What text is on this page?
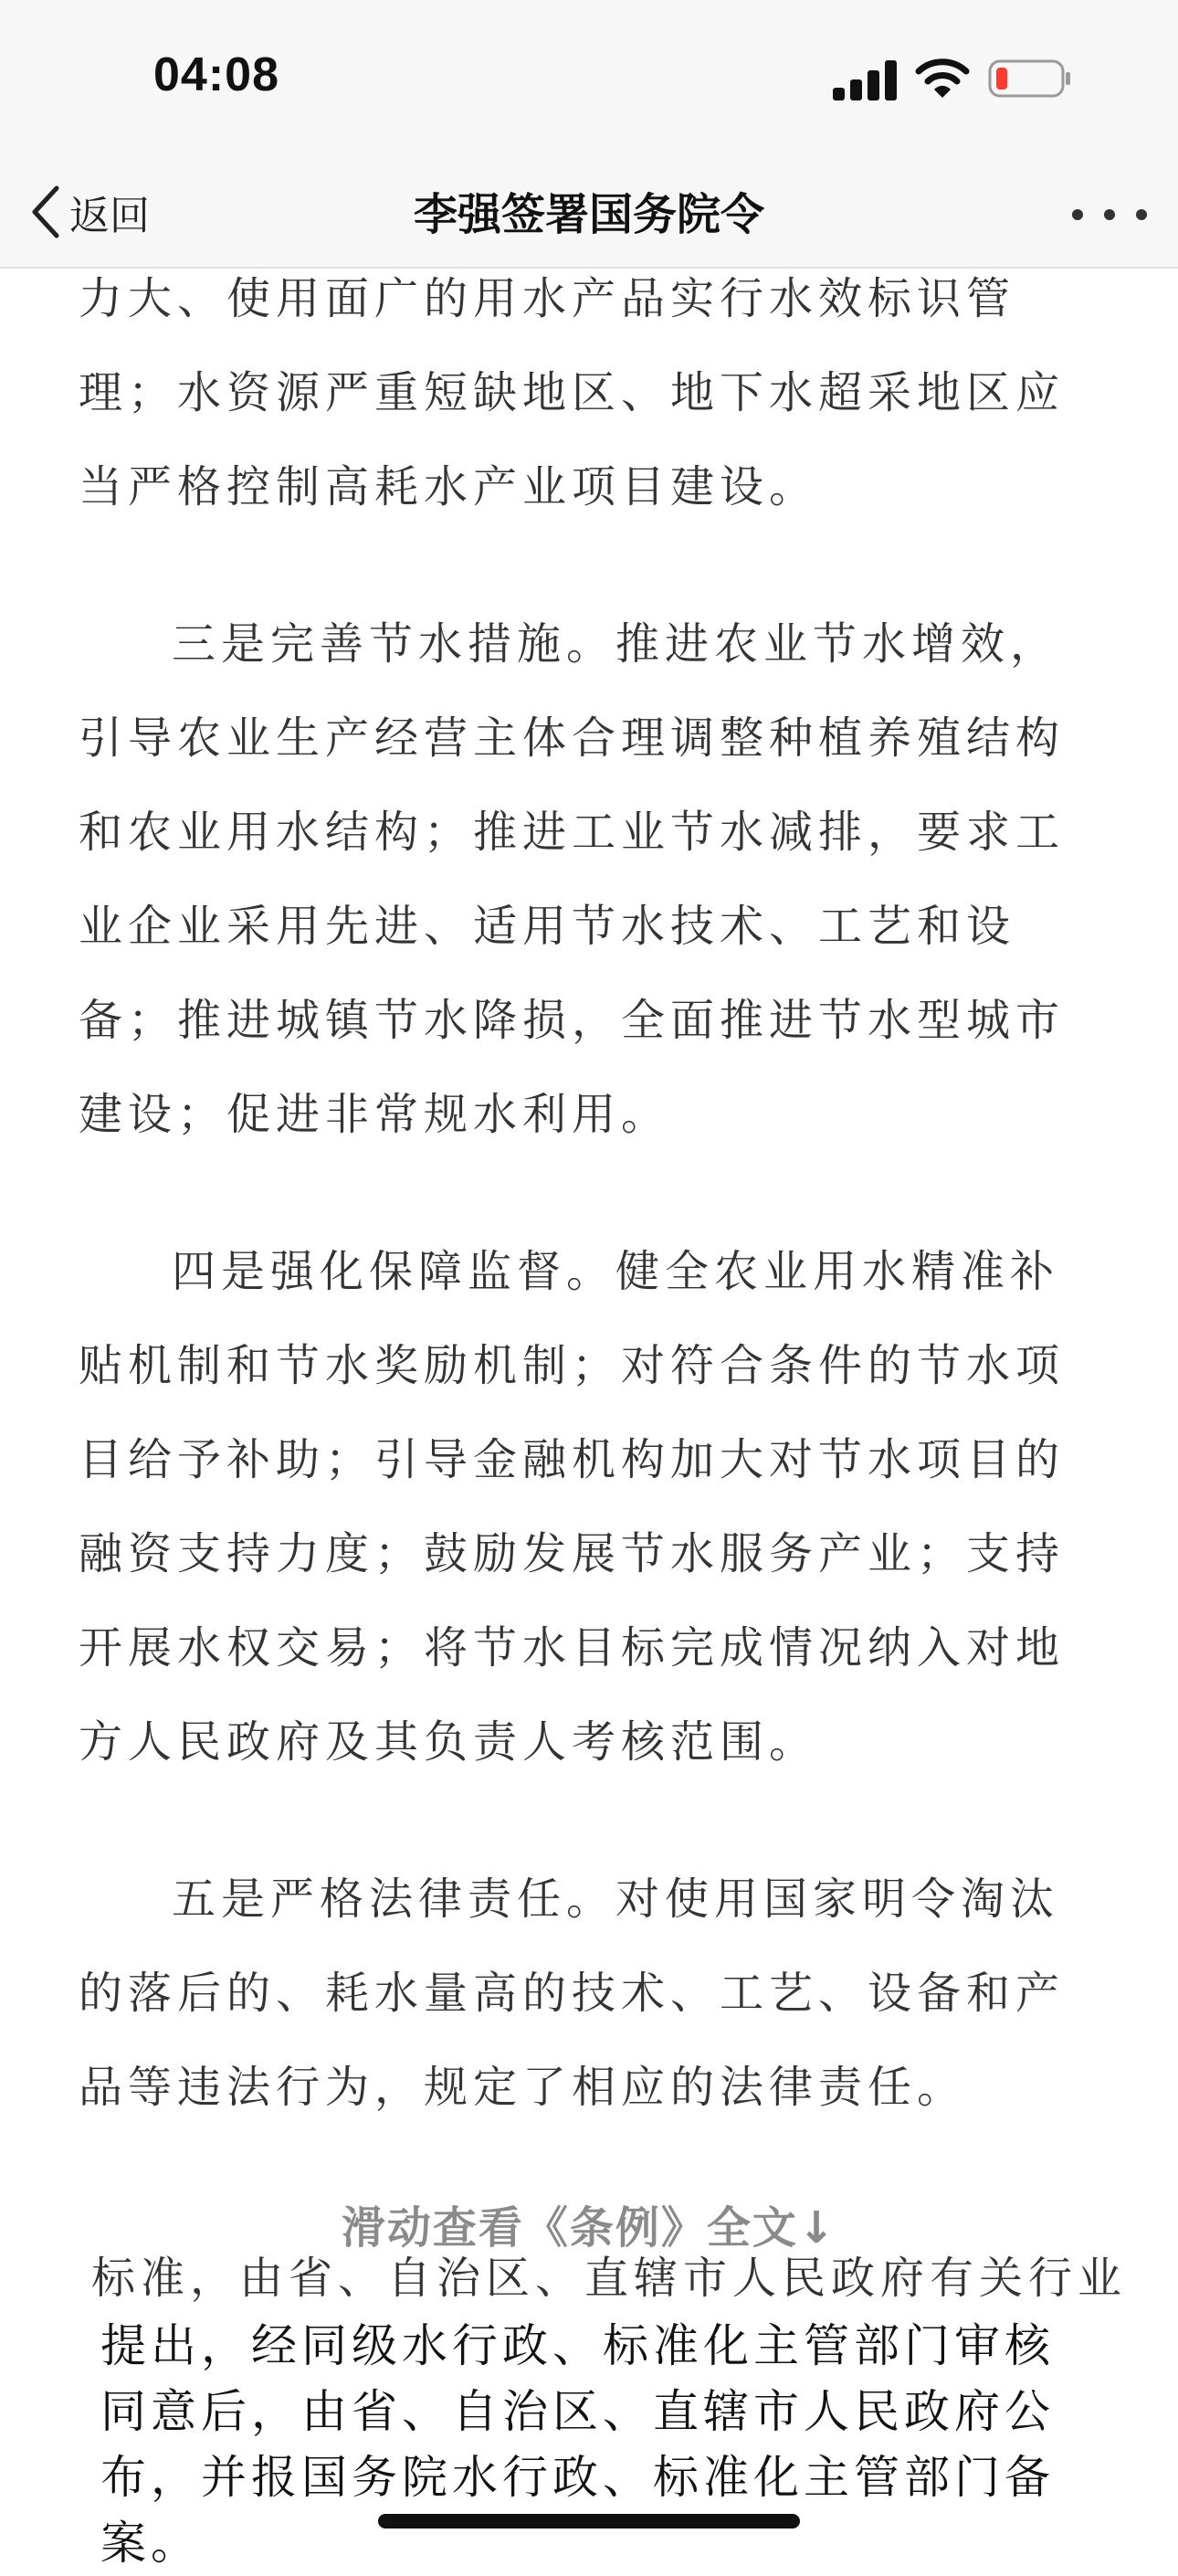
04:08
返回	李强签署国务院令

力大、使用面广的用水产品实行水效标识管理；水资源严重短缺地区、地下水超采地区应当严格控制高耗水产业项目建设。

三是完善节水措施。推进农业节水增效，引导农业生产经营主体合理调整种植养殖结构和农业用水结构；推进工业节水减排，要求工业企业采用先进、适用节水技术、工艺和设备；推进城镇节水降损，全面推进节水型城市建设；促进非常规水利用。

四是强化保障监督。健全农业用水精准补贴机制和节水奖励机制；对符合条件的节水项目给予补助；引导金融机构加大对节水项目的融资支持力度；鼓励发展节水服务产业；支持开展水权交易；将节水目标完成情况纳入对地方人民政府及其负责人考核范围。

五是严格法律责任。对使用国家明令淘汰的落后的、耗水量高的技术、工艺、设备和产品等违法行为，规定了相应的法律责任。

滑动查看《条例》全文↓
标准，由省、自治区、直辖市人民政府有关行业
提出，经同级水行政、标准化主管部门审核同意后，由省、自治区、直辖市人民政府公布，并报国务院水行政、标准化主管部门备案。
